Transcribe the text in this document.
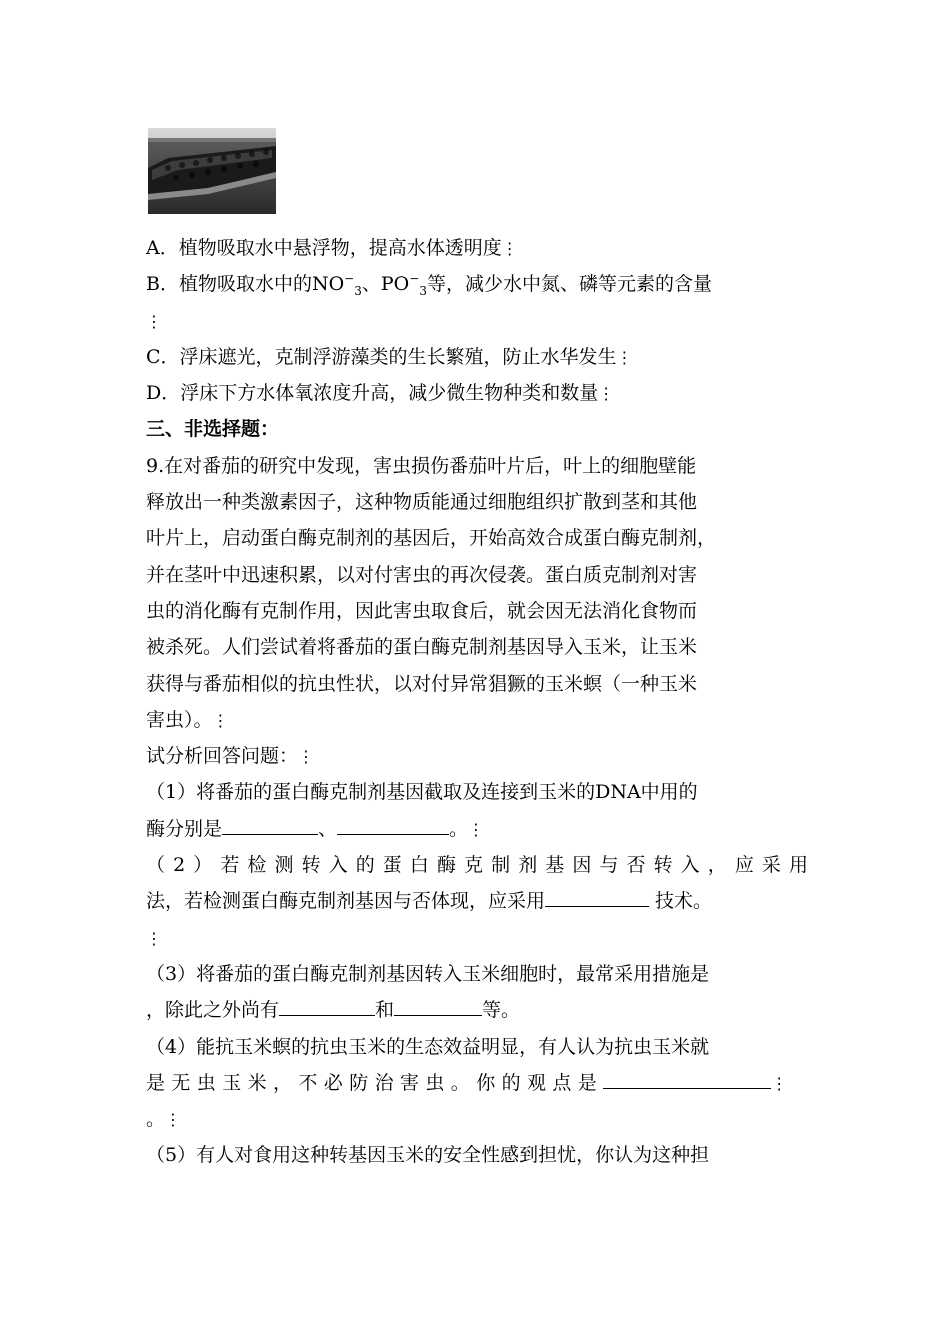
A．植物吸取水中悬浮物，提高水体透明度⋮
B．植物吸取水中的$NO^-_3$、$PO^-_3$等，减少水中氮、磷等元素的含量
⋮
C．浮床遮光，克制浮游藻类的生长繁殖，防止水华发生⋮
D．浮床下方水体氧浓度升高，减少微生物种类和数量⋮
三、非选择题：
9.在对番茄的研究中发现，害虫损伤番茄叶片后，叶上的细胞壁能
释放出一种类激素因子，这种物质能通过细胞组织扩散到茎和其他
叶片上，启动蛋白酶克制剂的基因后，开始高效合成蛋白酶克制剂，
并在茎叶中迅速积累，以对付害虫的再次侵袭。蛋白质克制剂对害
虫的消化酶有克制作用，因此害虫取食后，就会因无法消化食物而
被杀死。人们尝试着将番茄的蛋白酶克制剂基因导入玉米，让玉米
获得与番茄相似的抗虫性状，以对付异常猖獗的玉米螟（一种玉米
害虫）。⋮
试分析回答问题：⋮
（1）将番茄的蛋白酶克制剂基因截取及连接到玉米的DNA中用的
酶分别是	、	。⋮
（2）若检测转入的蛋白酶克制剂基因与否转入，应采用
法，若检测蛋白酶克制剂基因与否体现，应采用	技术。
⋮
（3）将番茄的蛋白酶克制剂基因转入玉米细胞时，最常采用措施是
，除此之外尚有	和	等。
（4）能抗玉米螟的抗虫玉米的生态效益明显，有人认为抗虫玉米就
是无虫玉米，不必防治害虫。你的观点是	⋮
。⋮
（5）有人对食用这种转基因玉米的安全性感到担忧，你认为这种担
